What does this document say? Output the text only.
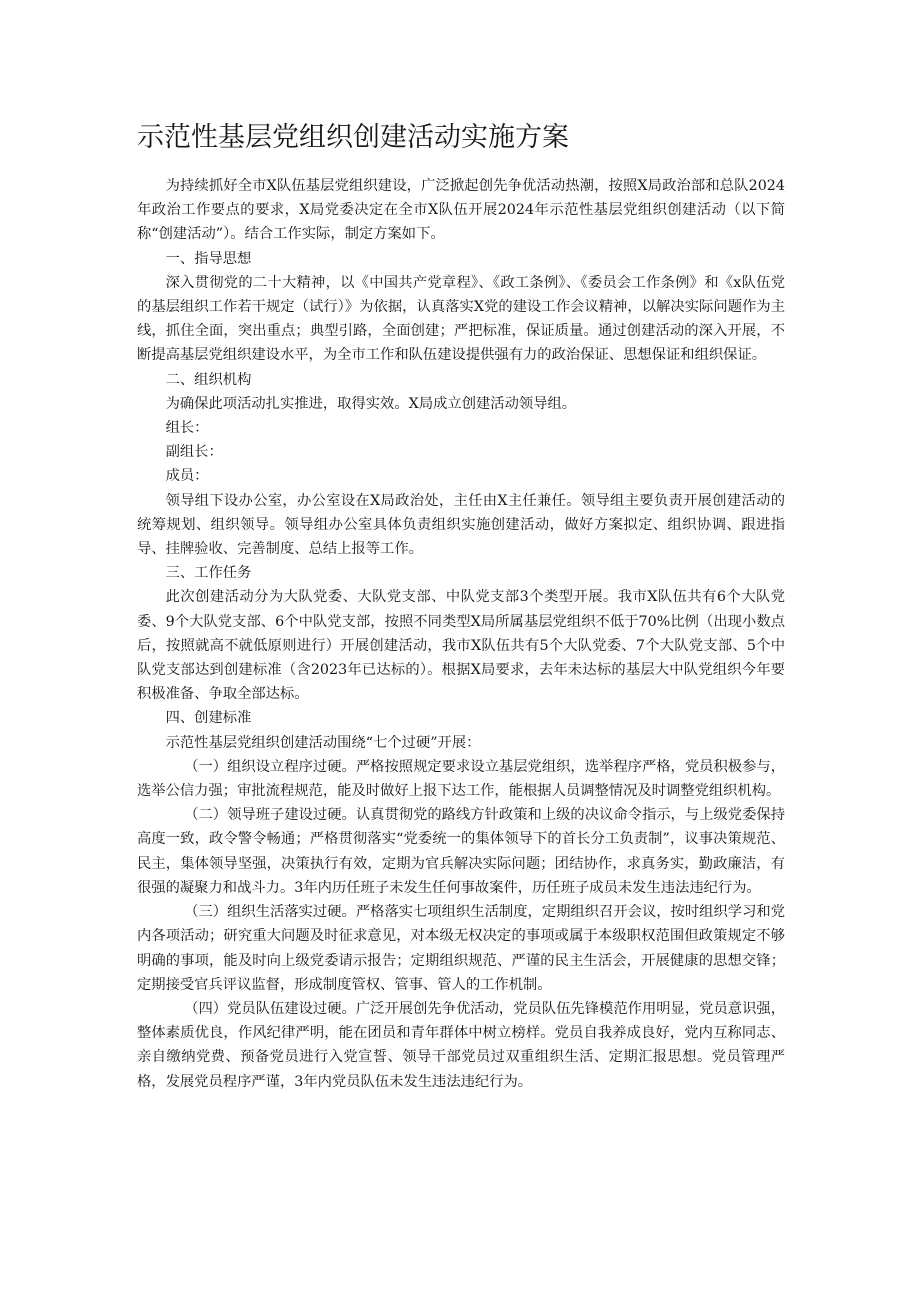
示范性基层党组织创建活动实施方案

为持续抓好全市X队伍基层党组织建设，广泛掀起创先争优活动热潮，按照X局政治部和总队2024年政治工作要点的要求，X局党委决定在全市X队伍开展2024年示范性基层党组织创建活动（以下简称“创建活动”）。结合工作实际，制定方案如下。

一、指导思想

深入贯彻党的二十大精神，以《中国共产党章程》、《政工条例》、《委员会工作条例》和《x队伍党的基层组织工作若干规定（试行）》为依据，认真落实X党的建设工作会议精神，以解决实际问题作为主线，抓住全面，突出重点；典型引路，全面创建；严把标准，保证质量。通过创建活动的深入开展，不断提高基层党组织建设水平，为全市工作和队伍建设提供强有力的政治保证、思想保证和组织保证。

二、组织机构

为确保此项活动扎实推进，取得实效。X局成立创建活动领导组。

组长：

副组长：

成员：

领导组下设办公室，办公室设在X局政治处，主任由X主任兼任。领导组主要负责开展创建活动的统筹规划、组织领导。领导组办公室具体负责组织实施创建活动，做好方案拟定、组织协调、跟进指导、挂牌验收、完善制度、总结上报等工作。

三、工作任务

此次创建活动分为大队党委、大队党支部、中队党支部3个类型开展。我市X队伍共有6个大队党委、9个大队党支部、6个中队党支部，按照不同类型X局所属基层党组织不低于70%比例（出现小数点后，按照就高不就低原则进行）开展创建活动，我市X队伍共有5个大队党委、7个大队党支部、5个中队党支部达到创建标准（含2023年已达标的）。根据X局要求，去年未达标的基层大中队党组织今年要积极准备、争取全部达标。

四、创建标准

示范性基层党组织创建活动围绕“七个过硬”开展：

（一）组织设立程序过硬。严格按照规定要求设立基层党组织，选举程序严格，党员积极参与，选举公信力强；审批流程规范，能及时做好上报下达工作，能根据人员调整情况及时调整党组织机构。

（二）领导班子建设过硬。认真贯彻党的路线方针政策和上级的决议命令指示，与上级党委保持高度一致，政令警令畅通；严格贯彻落实“党委统一的集体领导下的首长分工负责制”，议事决策规范、民主，集体领导坚强，决策执行有效，定期为官兵解决实际问题；团结协作，求真务实，勤政廉洁，有很强的凝聚力和战斗力。3年内历任班子未发生任何事故案件，历任班子成员未发生违法违纪行为。

（三）组织生活落实过硬。严格落实七项组织生活制度，定期组织召开会议，按时组织学习和党内各项活动；研究重大问题及时征求意见，对本级无权决定的事项或属于本级职权范围但政策规定不够明确的事项，能及时向上级党委请示报告；定期组织规范、严谨的民主生活会，开展健康的思想交锋；定期接受官兵评议监督，形成制度管权、管事、管人的工作机制。

（四）党员队伍建设过硬。广泛开展创先争优活动，党员队伍先锋模范作用明显，党员意识强，整体素质优良，作风纪律严明，能在团员和青年群体中树立榜样。党员自我养成良好，党内互称同志、亲自缴纳党费、预备党员进行入党宣誓、领导干部党员过双重组织生活、定期汇报思想。党员管理严格，发展党员程序严谨，3年内党员队伍未发生违法违纪行为。
